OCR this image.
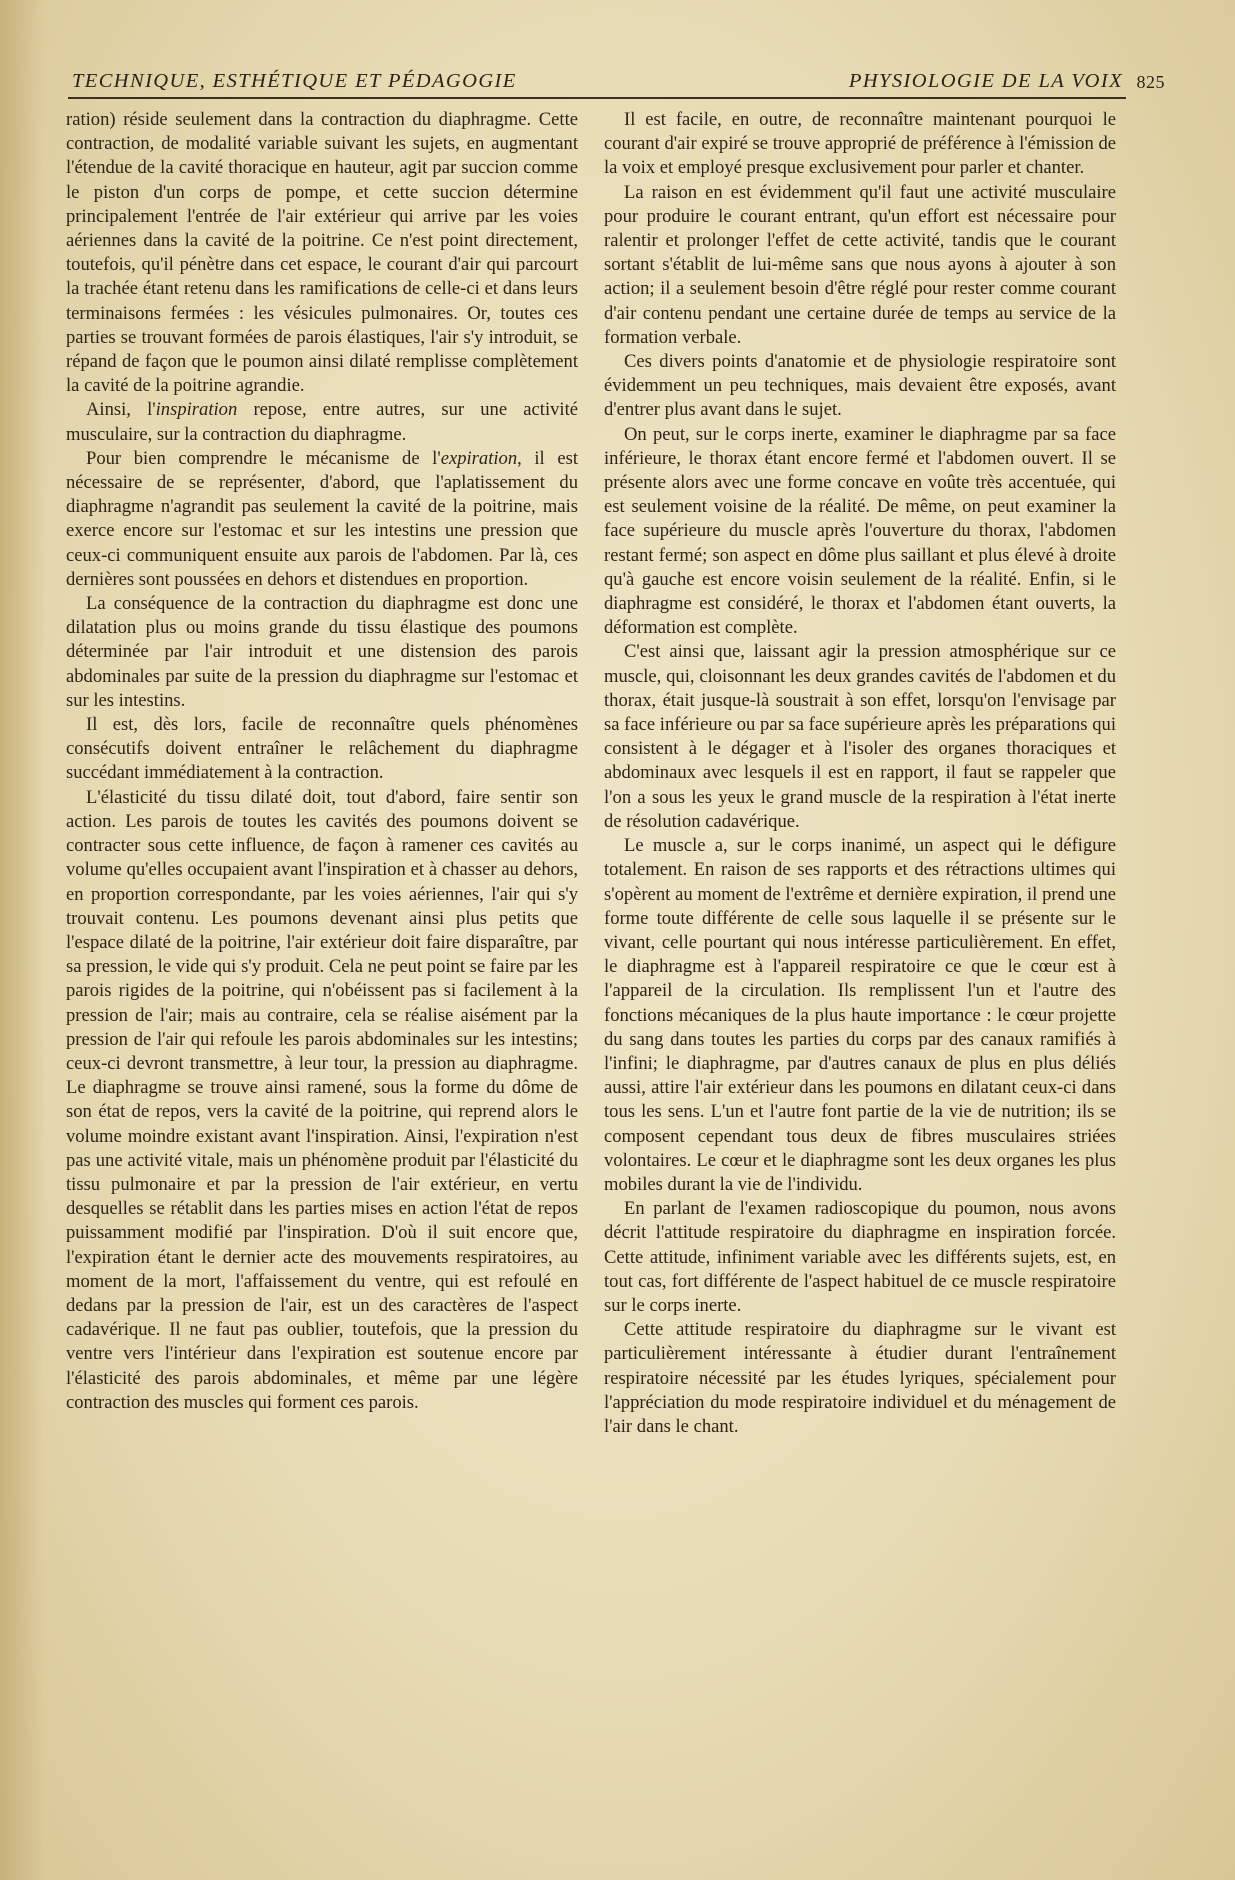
TECHNIQUE, ESTHÉTIQUE ET PÉDAGOGIE	PHYSIOLOGIE DE LA VOIX 825

ration) réside seulement dans la contraction du diaphragme. Cette contraction, de modalité variable suivant les sujets, en augmentant l'étendue de la cavité thoracique en hauteur, agit par succion comme le piston d'un corps de pompe, et cette succion détermine principalement l'entrée de l'air extérieur qui arrive par les voies aériennes dans la cavité de la poitrine. Ce n'est point directement, toutefois, qu'il pénètre dans cet espace, le courant d'air qui parcourt la trachée étant retenu dans les ramifications de celle-ci et dans leurs terminaisons fermées : les vésicules pulmonaires. Or, toutes ces parties se trouvant formées de parois élastiques, l'air s'y introduit, se répand de façon que le poumon ainsi dilaté remplisse complètement la cavité de la poitrine agrandie.

Ainsi, l'inspiration repose, entre autres, sur une activité musculaire, sur la contraction du diaphragme.

Pour bien comprendre le mécanisme de l'expiration, il est nécessaire de se représenter, d'abord, que l'aplatissement du diaphragme n'agrandit pas seulement la cavité de la poitrine, mais exerce encore sur l'estomac et sur les intestins une pression que ceux-ci communiquent ensuite aux parois de l'abdomen. Par là, ces dernières sont poussées en dehors et distendues en proportion.

La conséquence de la contraction du diaphragme est donc une dilatation plus ou moins grande du tissu élastique des poumons déterminée par l'air introduit et une distension des parois abdominales par suite de la pression du diaphragme sur l'estomac et sur les intestins.

Il est, dès lors, facile de reconnaître quels phénomènes consécutifs doivent entraîner le relâchement du diaphragme succédant immédiatement à la contraction.

L'élasticité du tissu dilaté doit, tout d'abord, faire sentir son action. Les parois de toutes les cavités des poumons doivent se contracter sous cette influence, de façon à ramener ces cavités au volume qu'elles occupaient avant l'inspiration et à chasser au dehors, en proportion correspondante, par les voies aériennes, l'air qui s'y trouvait contenu. Les poumons devenant ainsi plus petits que l'espace dilaté de la poitrine, l'air extérieur doit faire disparaître, par sa pression, le vide qui s'y produit. Cela ne peut point se faire par les parois rigides de la poitrine, qui n'obéissent pas si facilement à la pression de l'air; mais au contraire, cela se réalise aisément par la pression de l'air qui refoule les parois abdominales sur les intestins; ceux-ci devront transmettre, à leur tour, la pression au diaphragme. Le diaphragme se trouve ainsi ramené, sous la forme du dôme de son état de repos, vers la cavité de la poitrine, qui reprend alors le volume moindre existant avant l'inspiration. Ainsi, l'expiration n'est pas une activité vitale, mais un phénomène produit par l'élasticité du tissu pulmonaire et par la pression de l'air extérieur, en vertu desquelles se rétablit dans les parties mises en action l'état de repos puissamment modifié par l'inspiration. D'où il suit encore que, l'expiration étant le dernier acte des mouvements respiratoires, au moment de la mort, l'affaissement du ventre, qui est refoulé en dedans par la pression de l'air, est un des caractères de l'aspect cadavérique. Il ne faut pas oublier, toutefois, que la pression du ventre vers l'intérieur dans l'expiration est soutenue encore par l'élasticité des parois abdominales, et même par une légère contraction des muscles qui forment ces parois.

Il est facile, en outre, de reconnaître maintenant pourquoi le courant d'air expiré se trouve approprié de préférence à l'émission de la voix et employé presque exclusivement pour parler et chanter.

La raison en est évidemment qu'il faut une activité musculaire pour produire le courant entrant, qu'un effort est nécessaire pour ralentir et prolonger l'effet de cette activité, tandis que le courant sortant s'établit de lui-même sans que nous ayons à ajouter à son action; il a seulement besoin d'être réglé pour rester comme courant d'air contenu pendant une certaine durée de temps au service de la formation verbale.

Ces divers points d'anatomie et de physiologie respiratoire sont évidemment un peu techniques, mais devaient être exposés, avant d'entrer plus avant dans le sujet.

On peut, sur le corps inerte, examiner le diaphragme par sa face inférieure, le thorax étant encore fermé et l'abdomen ouvert. Il se présente alors avec une forme concave en voûte très accentuée, qui est seulement voisine de la réalité. De même, on peut examiner la face supérieure du muscle après l'ouverture du thorax, l'abdomen restant fermé; son aspect en dôme plus saillant et plus élevé à droite qu'à gauche est encore voisin seulement de la réalité. Enfin, si le diaphragme est considéré, le thorax et l'abdomen étant ouverts, la déformation est complète.

C'est ainsi que, laissant agir la pression atmosphérique sur ce muscle, qui, cloisonnant les deux grandes cavités de l'abdomen et du thorax, était jusque-là soustrait à son effet, lorsqu'on l'envisage par sa face inférieure ou par sa face supérieure après les préparations qui consistent à le dégager et à l'isoler des organes thoraciques et abdominaux avec lesquels il est en rapport, il faut se rappeler que l'on a sous les yeux le grand muscle de la respiration à l'état inerte de résolution cadavérique.

Le muscle a, sur le corps inanimé, un aspect qui le défigure totalement. En raison de ses rapports et des rétractions ultimes qui s'opèrent au moment de l'extrême et dernière expiration, il prend une forme toute différente de celle sous laquelle il se présente sur le vivant, celle pourtant qui nous intéresse particulièrement. En effet, le diaphragme est à l'appareil respiratoire ce que le cœur est à l'appareil de la circulation. Ils remplissent l'un et l'autre des fonctions mécaniques de la plus haute importance : le cœur projette du sang dans toutes les parties du corps par des canaux ramifiés à l'infini; le diaphragme, par d'autres canaux de plus en plus déliés aussi, attire l'air extérieur dans les poumons en dilatant ceux-ci dans tous les sens. L'un et l'autre font partie de la vie de nutrition; ils se composent cependant tous deux de fibres musculaires striées volontaires. Le cœur et le diaphragme sont les deux organes les plus mobiles durant la vie de l'individu.

En parlant de l'examen radioscopique du poumon, nous avons décrit l'attitude respiratoire du diaphragme en inspiration forcée. Cette attitude, infiniment variable avec les différents sujets, est, en tout cas, fort différente de l'aspect habituel de ce muscle respiratoire sur le corps inerte.

Cette attitude respiratoire du diaphragme sur le vivant est particulièrement intéressante à étudier durant l'entraînement respiratoire nécessité par les études lyriques, spécialement pour l'appréciation du mode respiratoire individuel et du ménagement de l'air dans le chant.
